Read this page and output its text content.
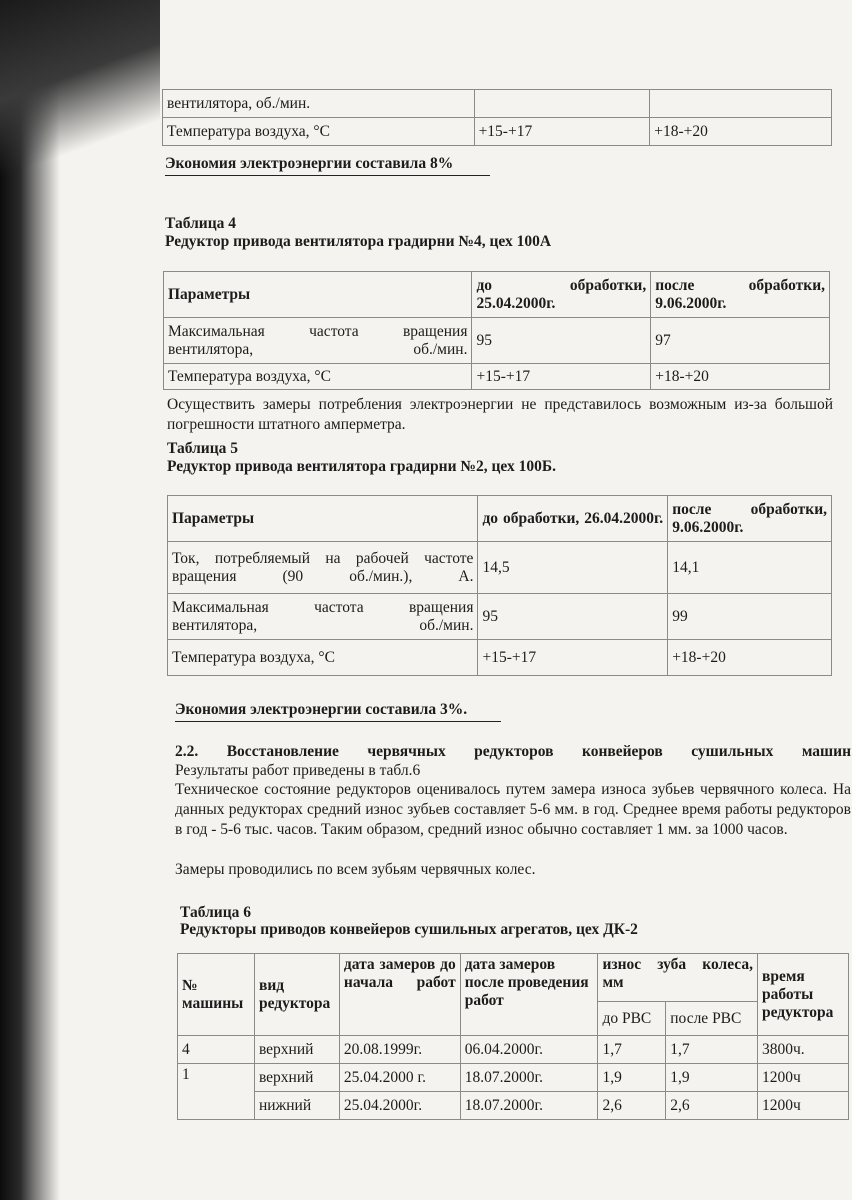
вентилятора, об./мин.		
Температура воздуха, °С	+15-+17	+18-+20
Экономия электроэнергии составила 8%
Таблица 4
Редуктор привода вентилятора градирни №4, цех 100А
Параметры	до обработки, 25.04.2000г.	после обработки, 9.06.2000г.
Максимальная частота вращения вентилятора, об./мин.	95	97
Температура воздуха, °С	+15-+17	+18-+20
Осуществить замеры потребления электроэнергии не представилось возможным из-за большой погрешности штатного амперметра.
Таблица 5
Редуктор привода вентилятора градирни №2, цех 100Б.
Параметры	до обработки, 26.04.2000г.	после обработки, 9.06.2000г.
Ток, потребляемый на рабочей частоте вращения (90 об./мин.), А.	14,5	14,1
Максимальная частота вращения вентилятора, об./мин.	95	99
Температура воздуха, °С	+15-+17	+18-+20
Экономия электроэнергии составила 3%.
2.2. Восстановление червячных редукторов конвейеров сушильных машин
Результаты работ приведены в табл.6
Техническое состояние редукторов оценивалось путем замера износа зубьев червячного колеса. На данных редукторах средний износ зубьев составляет 5-6 мм. в год. Среднее время работы редукторов в год - 5-6 тыс. часов. Таким образом, средний износ обычно составляет 1 мм. за 1000 часов.
Замеры проводились по всем зубьям червячных колес.
Таблица 6
Редукторы приводов конвейеров сушильных агрегатов, цех ДК-2
№ машины	вид редуктора	дата замеров до начала работ	дата замеров после проведения работ	износ зуба колеса, мм		время работы редуктора
				до РВС	после РВС	
4	верхний	20.08.1999г.	06.04.2000г.	1,7	1,7	3800ч.
1	верхний	25.04.2000 г.	18.07.2000г.	1,9	1,9	1200ч
	нижний	25.04.2000г.	18.07.2000г.	2,6	2,6	1200ч
